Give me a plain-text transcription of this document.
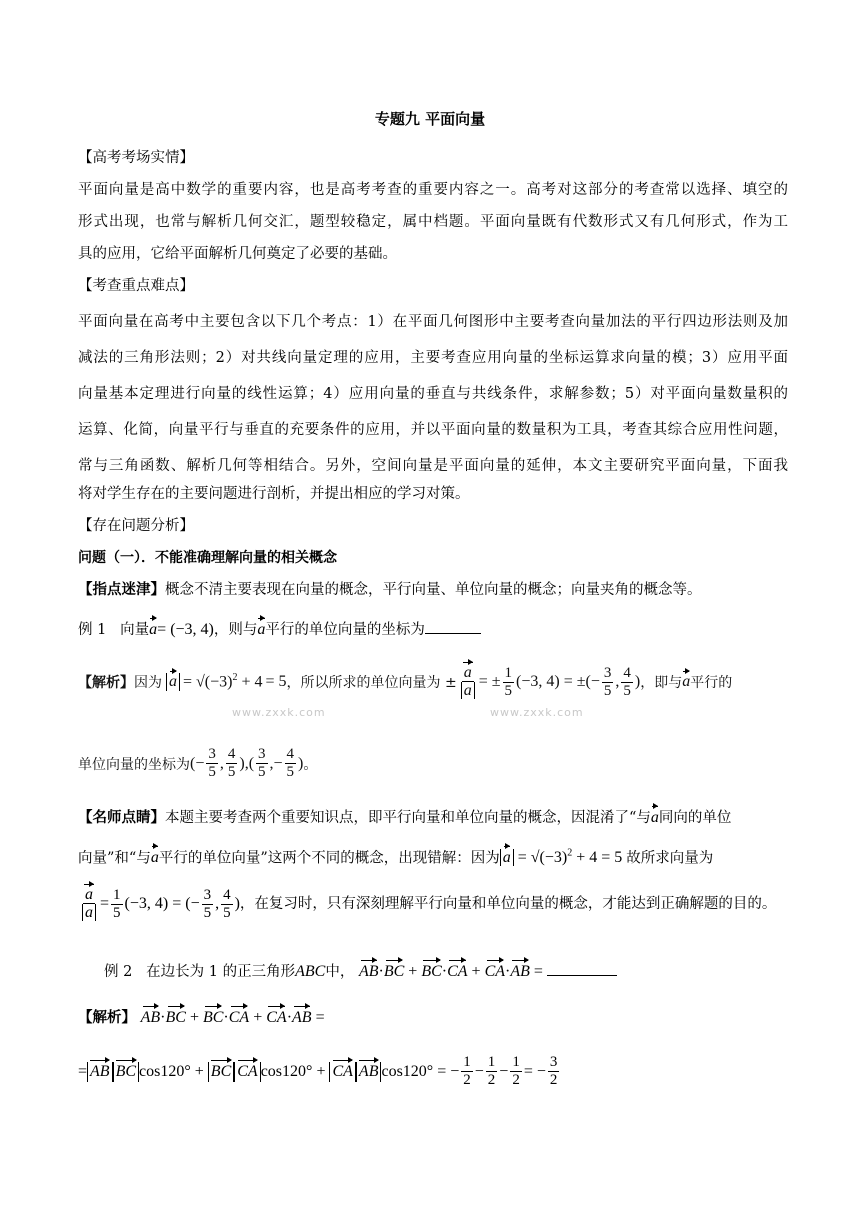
专题九 平面向量
【高考考场实情】
平面向量是高中数学的重要内容，也是高考考查的重要内容之一。高考对这部分的考查常以选择、填空的
形式出现，也常与解析几何交汇，题型较稳定，属中档题。平面向量既有代数形式又有几何形式，作为工
具的应用，它给平面解析几何奠定了必要的基础。
【考查重点难点】
平面向量在高考中主要包含以下几个考点：1）在平面几何图形中主要考查向量加法的平行四边形法则及加
减法的三角形法则；2）对共线向量定理的应用，主要考查应用向量的坐标运算求向量的模；3）应用平面
向量基本定理进行向量的线性运算；4）应用向量的垂直与共线条件，求解参数；5）对平面向量数量积的
运算、化简，向量平行与垂直的充要条件的应用，并以平面向量的数量积为工具，考查其综合应用性问题，
常与三角函数、解析几何等相结合。另外，空间向量是平面向量的延伸，本文主要研究平面向量，下面我
将对学生存在的主要问题进行剖析，并提出相应的学习对策。
【存在问题分析】
问题（一）．不能准确理解向量的相关概念
【指点迷津】概念不清主要表现在向量的概念，平行向量、单位向量的概念；向量夹角的概念等。
例 1 向量a= (−3, 4)，则与a平行的单位向量的坐标为
www.zxxk.com	www.zxxk.com
【解析】 因为 $a = √(-3)^2 + 4 = 5$ ，所以所求的单位向量为 ± $\frac{a}{a}$ = ± $\frac{1}{5} (-3$, 4) = ±(− $\frac{3}{5}$ , $\frac{4}{5}$ ) ，即与 a 平行的
单位向量的坐标为 (− $\frac{3}{5}$ , $\frac{4}{5}$ ),( $\frac{3}{5}$ ,− $\frac{4}{5}$ ) 。
【名师点睛】本题主要考查两个重要知识点，即平行向量和单位向量的概念，因混淆了“与a同向的单位
向量”和“与a平行的单位向量”这两个不同的概念，出现错解：因为 $a = √(-3)^2 + 4 = 5$ 故所求向量为
$\frac{a}{a} = \frac{1}{5} (-3$, 4) = (− $\frac{3}{5}$ , $\frac{4}{5}$ ) ，在复习时，只有深刻理解平行向量和单位向量的概念，才能达到正确解题的目的。
例 2 在边长为 1 的正三角形ABC中， AB·BC + BC·CA + CA·AB =
【解析】 AB·BC + BC·CA + CA·AB =
= AB BC cos120° + BC CA cos120° + CA AB cos120° = − $\frac{1}{2} - \frac{1}{2} - \frac{1}{2}$ = − $\frac{3}{2}$
